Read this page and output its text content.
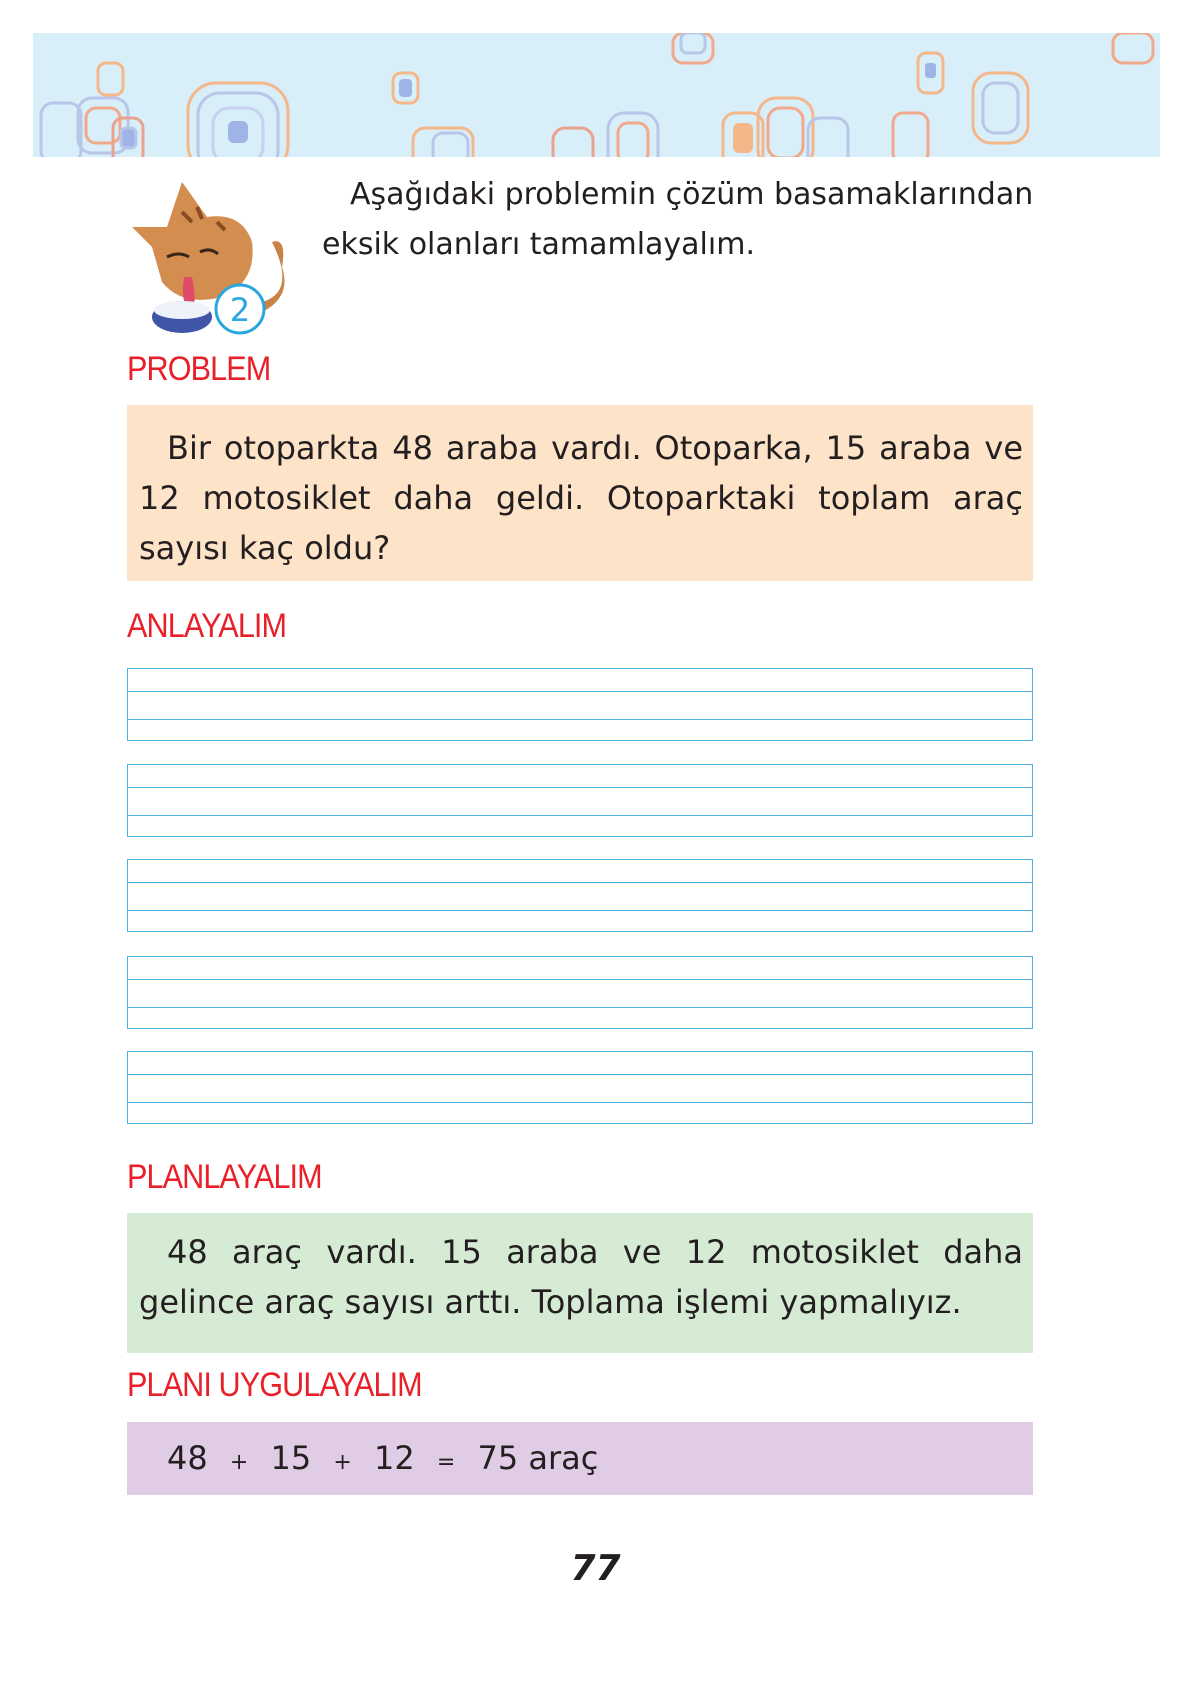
2
Aşağıdaki problemin çözüm basamaklarından eksik olanları tamamlayalım.
PROBLEM

Bir otoparkta 48 araba vardı. Otoparka, 15 araba ve 12 motosiklet daha geldi. Otoparktaki toplam araç sayısı kaç oldu?

ANLAYALIM
PLANLAYALIM

48 araç vardı. 15 araba ve 12 motosiklet daha gelince araç sayısı arttı. Toplama işlemi yapmalıyız.

PLANI UYGULAYALIM
48 + 15 + 12 = 75 araç
77
